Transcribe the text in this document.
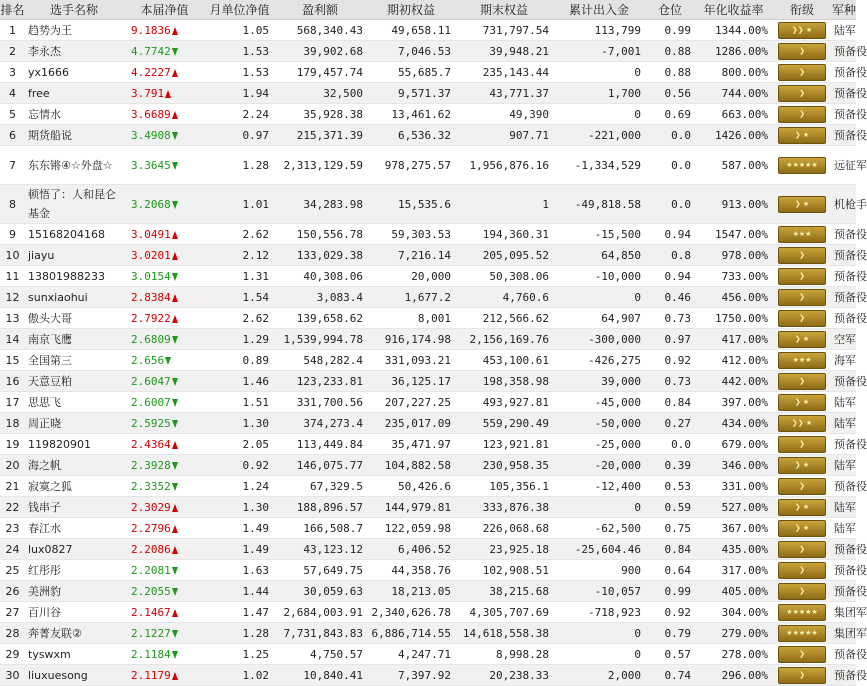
排名	选手名称	本届净值	月单位净值	盈利额	期初权益	期末权益	累计出入金	仓位	年化收益率	衔级	军种
1	趋势为王	9.1836	1.05	568,340.43	49,658.11	731,797.54	113,799	0.99	1344.00%	❯❯ ★	陆军
2	李永杰	4.7742	1.53	39,902.68	7,046.53	39,948.21	-7,001	0.88	1286.00%	❯	预备役
3	yx1666	4.2227	1.53	179,457.74	55,685.7	235,143.44	0	0.88	800.00%	❯	预备役
4	free	3.791	1.94	32,500	9,571.37	43,771.37	1,700	0.56	744.00%	❯	预备役
5	忘情水	3.6689	2.24	35,928.38	13,461.62	49,390	0	0.69	663.00%	❯	预备役
6	期货船说	3.4908	0.97	215,371.39	6,536.32	907.71	-221,000	0.0	1426.00%	❯ ★	预备役
7	东东锵④☆外盘☆	3.3645	1.28	2,313,129.59	978,275.57	1,956,876.16	-1,334,529	0.0	587.00%	★★★★★	远征军
8	顿悟了：人和昆仑基金	3.2068	1.01	34,283.98	15,535.6	1	-49,818.58	0.0	913.00%	❯ ★	机枪手
9	15168204168	3.0491	2.62	150,556.78	59,303.53	194,360.31	-15,500	0.94	1547.00%	★★★	预备役
10	jiayu	3.0201	2.12	133,029.38	7,216.14	205,095.52	64,850	0.8	978.00%	❯	预备役
11	13801988233	3.0154	1.31	40,308.06	20,000	50,308.06	-10,000	0.94	733.00%	❯	预备役
12	sunxiaohui	2.8384	1.54	3,083.4	1,677.2	4,760.6	0	0.46	456.00%	❯	预备役
13	傲头大哥	2.7922	2.62	139,658.62	8,001	212,566.62	64,907	0.73	1750.00%	❯	预备役
14	南京飞鹰	2.6809	1.29	1,539,994.78	916,174.98	2,156,169.76	-300,000	0.97	417.00%	❯ ★	空军
15	全国第三	2.656	0.89	548,282.4	331,093.21	453,100.61	-426,275	0.92	412.00%	★★★	海军
16	天意豆粕	2.6047	1.46	123,233.81	36,125.17	198,358.98	39,000	0.73	442.00%	❯	预备役
17	思思飞	2.6007	1.51	331,700.56	207,227.25	493,927.81	-45,000	0.84	397.00%	❯ ★	陆军
18	周正晓	2.5925	1.30	374,273.4	235,017.09	559,290.49	-50,000	0.27	434.00%	❯❯ ★	陆军
19	119820901	2.4364	2.05	113,449.84	35,471.97	123,921.81	-25,000	0.0	679.00%	❯	预备役
20	海之帆	2.3928	0.92	146,075.77	104,882.58	230,958.35	-20,000	0.39	346.00%	❯ ★	陆军
21	寂寞之狐	2.3352	1.24	67,329.5	50,426.6	105,356.1	-12,400	0.53	331.00%	❯	预备役
22	钱串子	2.3029	1.30	188,896.57	144,979.81	333,876.38	0	0.59	527.00%	❯ ★	陆军
23	春江水	2.2796	1.49	166,508.7	122,059.98	226,068.68	-62,500	0.75	367.00%	❯ ★	陆军
24	lux0827	2.2086	1.49	43,123.12	6,406.52	23,925.18	-25,604.46	0.84	435.00%	❯	预备役
25	红彤彤	2.2081	1.63	57,649.75	44,358.76	102,908.51	900	0.64	317.00%	❯	预备役
26	美洲豹	2.2055	1.44	30,059.63	18,213.05	38,215.68	-10,057	0.99	405.00%	❯	预备役
27	百川谷	2.1467	1.47	2,684,003.91	2,340,626.78	4,305,707.69	-718,923	0.92	304.00%	★★★★★	集团军
28	奔菁友联②	2.1227	1.28	7,731,843.83	6,886,714.55	14,618,558.38	0	0.79	279.00%	★★★★★	集团军
29	tyswxm	2.1184	1.25	4,750.57	4,247.71	8,998.28	0	0.57	278.00%	❯	预备役
30	liuxuesong	2.1179	1.02	10,840.41	7,397.92	20,238.33	2,000	0.74	296.00%	❯	预备役
